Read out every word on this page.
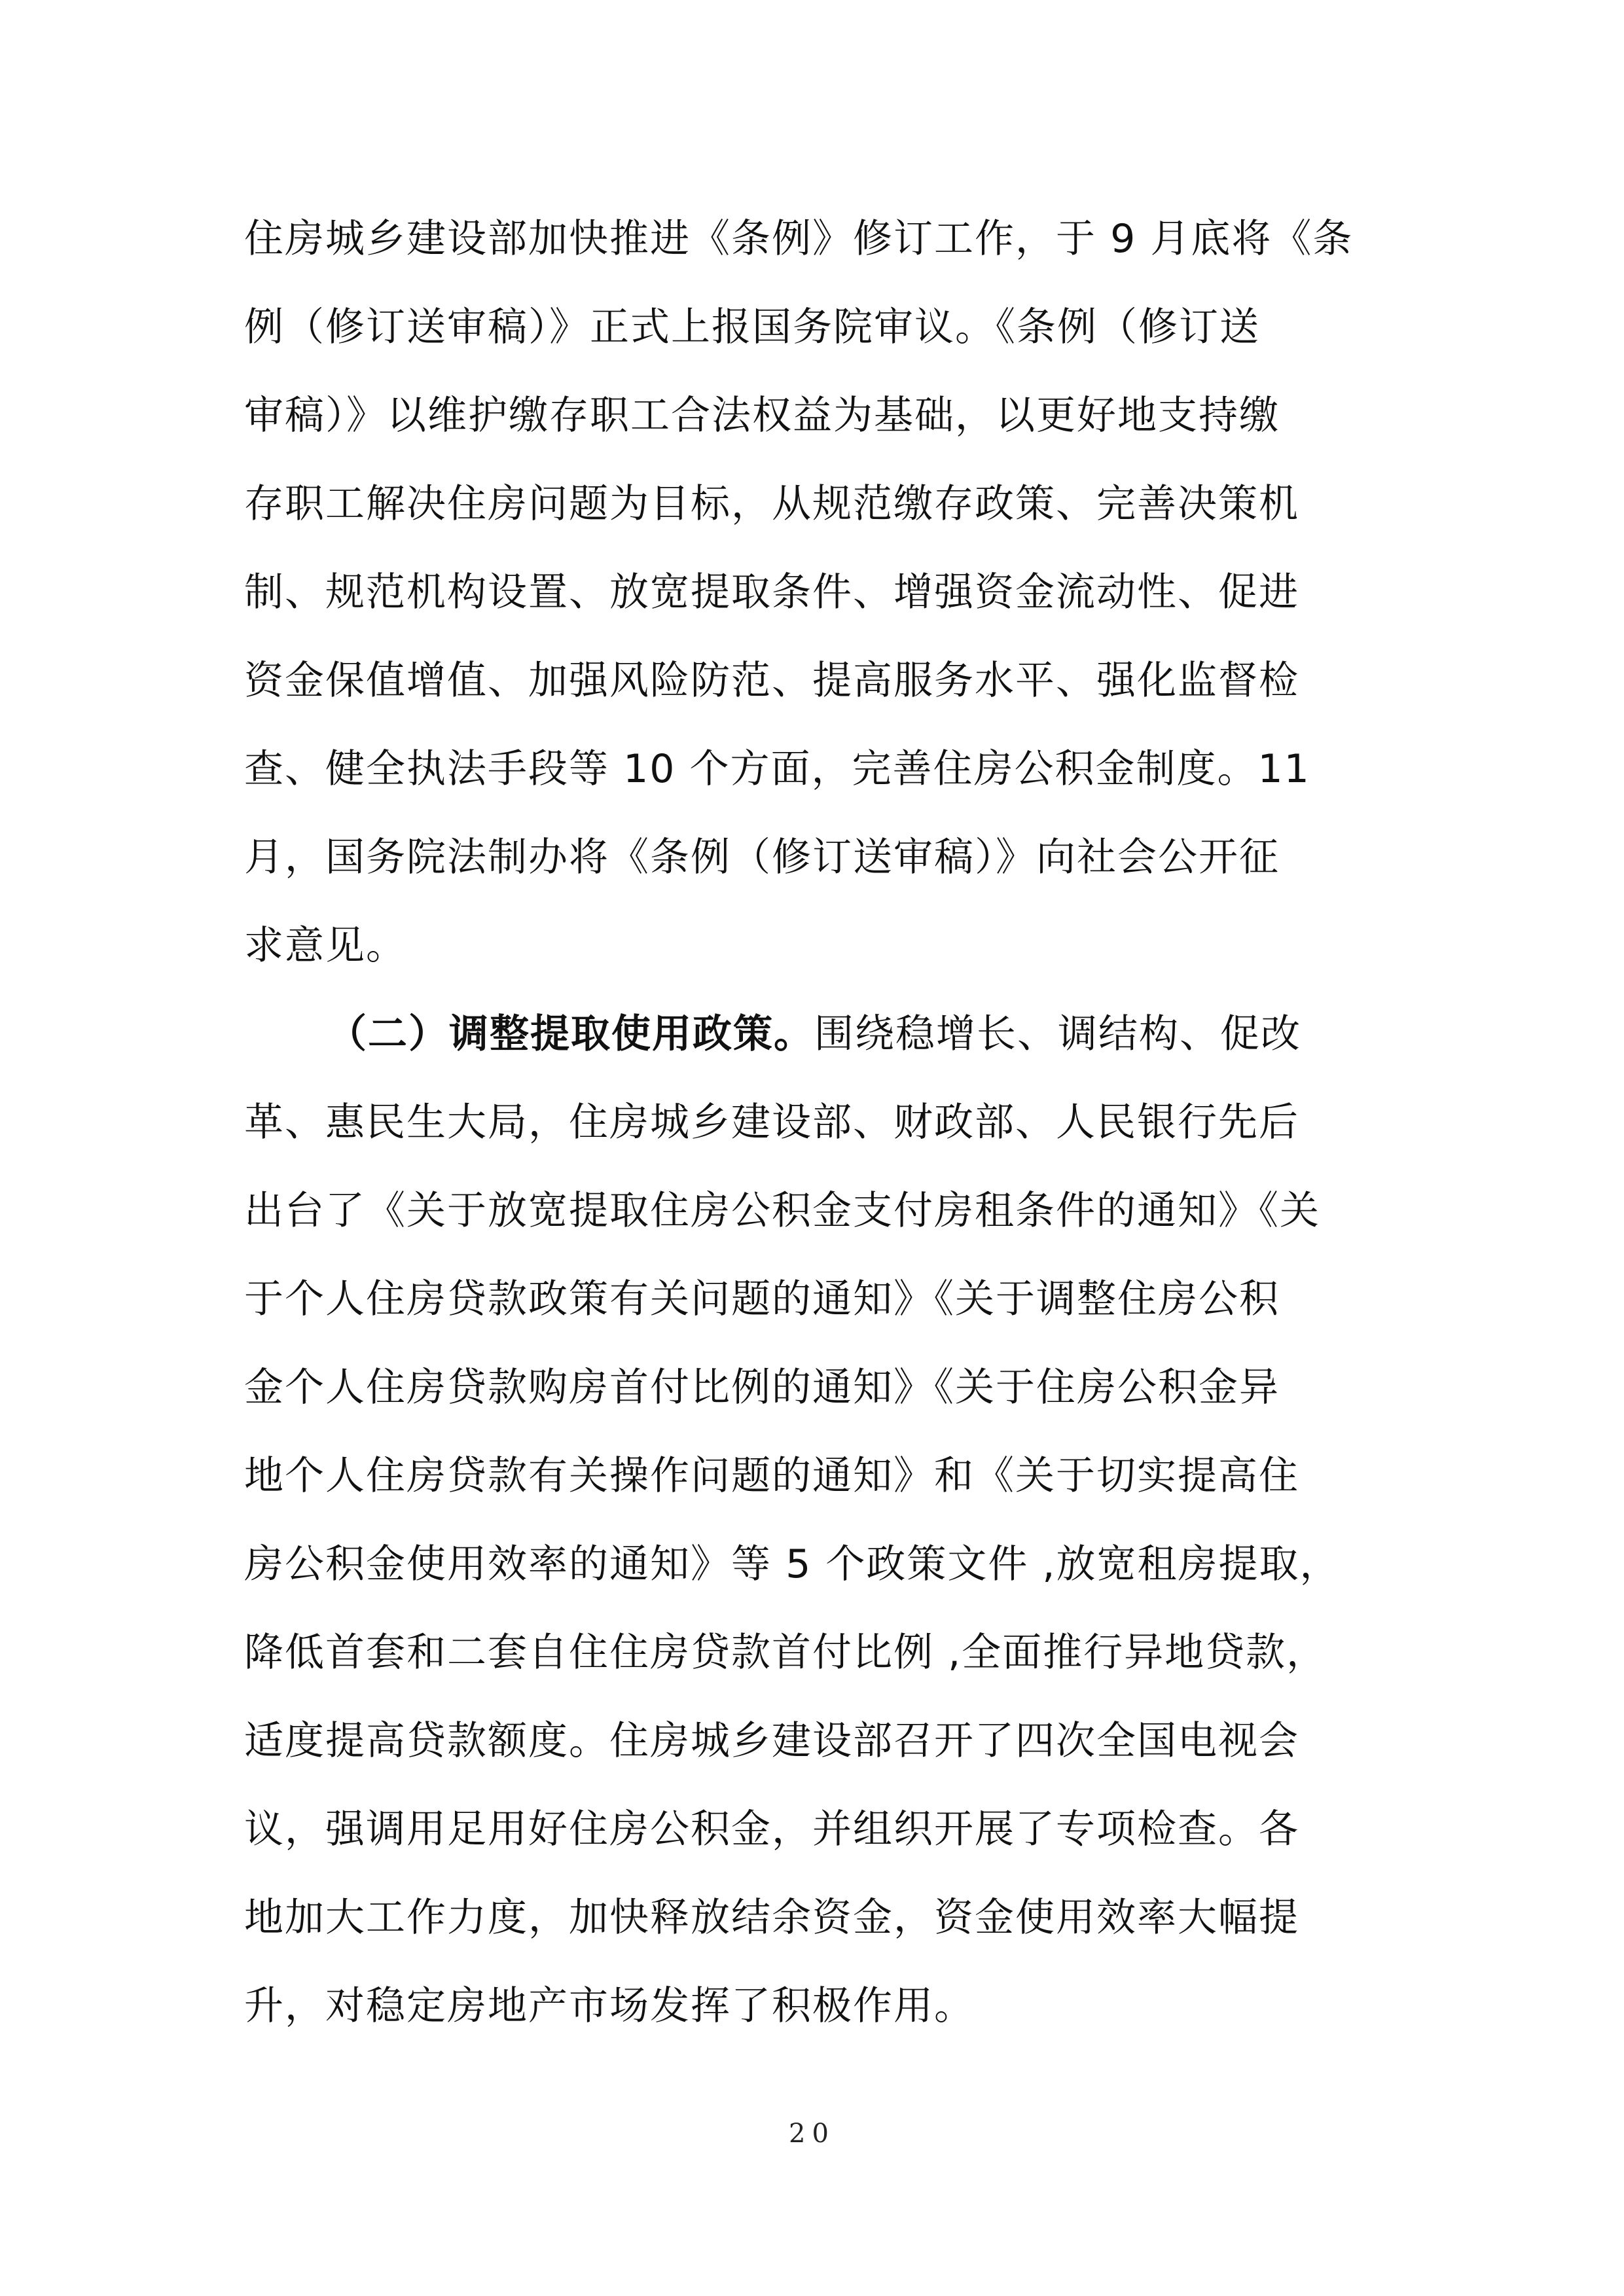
住房城乡建设部加快推进《条例》修订工作，于 9 月底将《条
例（修订送审稿）》正式上报国务院审议。《条例（修订送
审稿）》以维护缴存职工合法权益为基础，以更好地支持缴
存职工解决住房问题为目标，从规范缴存政策、完善决策机
制、规范机构设置、放宽提取条件、增强资金流动性、促进
资金保值增值、加强风险防范、提高服务水平、强化监督检
查、健全执法手段等 10 个方面，完善住房公积金制度。11
月，国务院法制办将《条例（修订送审稿）》向社会公开征
求意见。
（二）调整提取使用政策。围绕稳增长、调结构、促改
革、惠民生大局，住房城乡建设部、财政部、人民银行先后
出台了《关于放宽提取住房公积金支付房租条件的通知》《关
于个人住房贷款政策有关问题的通知》《关于调整住房公积
金个人住房贷款购房首付比例的通知》《关于住房公积金异
地个人住房贷款有关操作问题的通知》和《关于切实提高住
房公积金使用效率的通知》等 5 个政策文件 ,放宽租房提取，
降低首套和二套自住住房贷款首付比例 ,全面推行异地贷款，
适度提高贷款额度。住房城乡建设部召开了四次全国电视会
议，强调用足用好住房公积金，并组织开展了专项检查。各
地加大工作力度，加快释放结余资金，资金使用效率大幅提
升，对稳定房地产市场发挥了积极作用。
20
